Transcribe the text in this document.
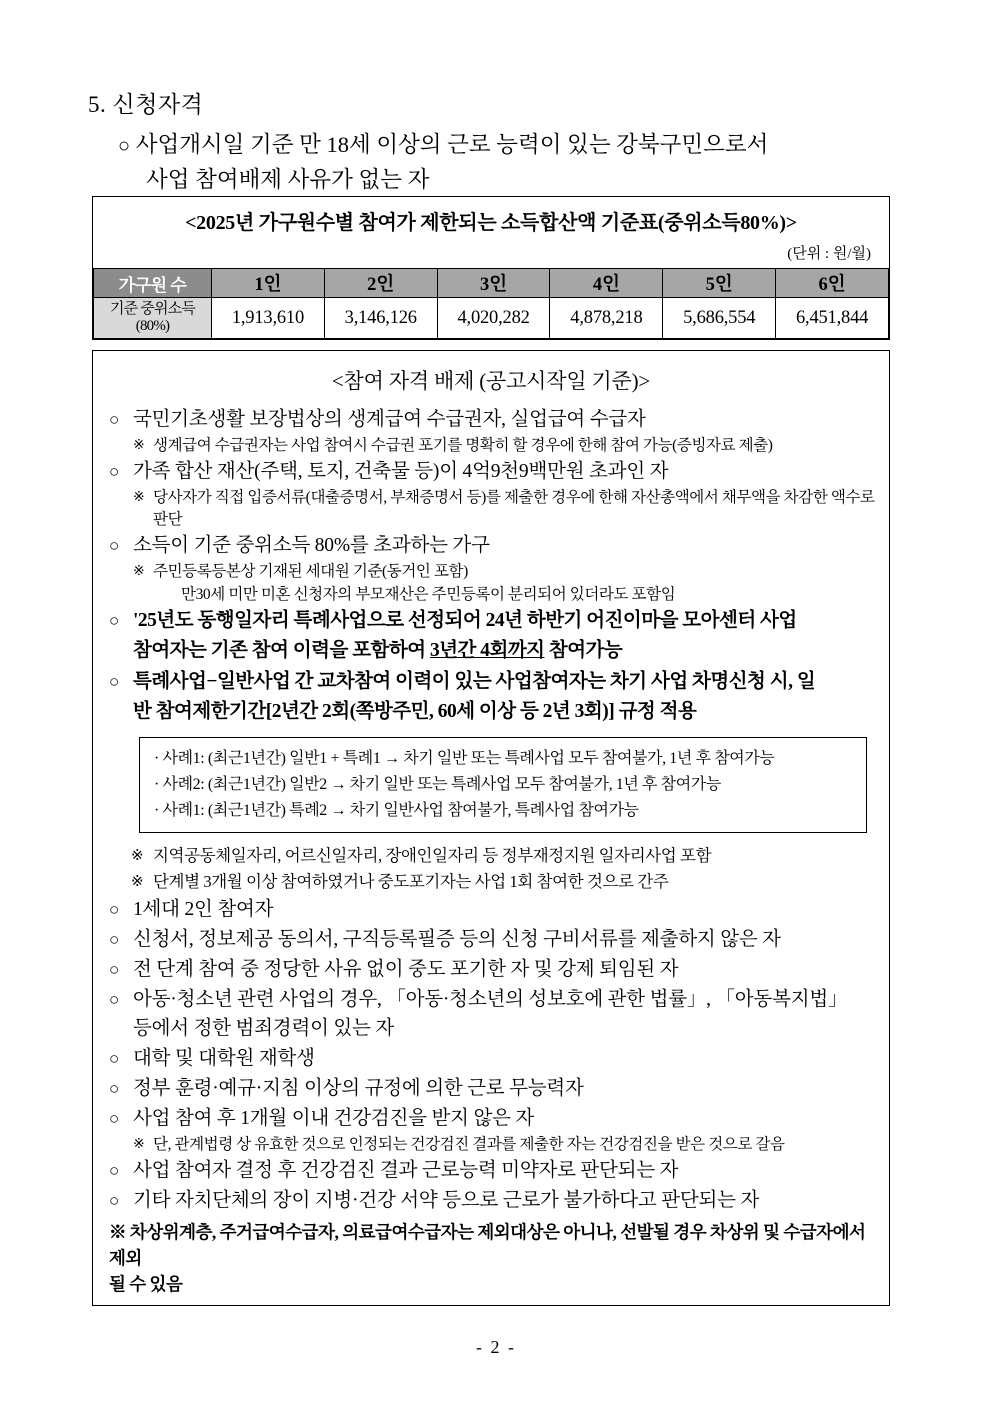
5. 신청자격
○ 사업개시일 기준 만 18세 이상의 근로 능력이 있는 강북구민으로서
사업 참여배제 사유가 없는 자
<2025년 가구원수별 참여가 제한되는 소득합산액 기준표(중위소득80%)>
(단위 : 원/월)
가구원 수	1인	2인	3인	4인	5인	6인

기준 중위소득
(80%)	1,913,610	3,146,126	4,020,282	4,878,218	5,686,554	6,451,844
<참여 자격 배제 (공고시작일 기준)>
○ 국민기초생활 보장법상의 생계급여 수급권자, 실업급여 수급자
※ 생계급여 수급권자는 사업 참여시 수급권 포기를 명확히 할 경우에 한해 참여 가능(증빙자료 제출)
○ 가족 합산 재산(주택, 토지, 건축물 등)이 4억9천9백만원 초과인 자
※ 당사자가 직접 입증서류(대출증명서, 부채증명서 등)를 제출한 경우에 한해 자산총액에서 채무액을 차감한 액수로
판단
○ 소득이 기준 중위소득 80%를 초과하는 가구
※ 주민등록등본상 기재된 세대원 기준(동거인 포함)
만30세 미만 미혼 신청자의 부모재산은 주민등록이 분리되어 있더라도 포함임
○ '25년도 동행일자리 특례사업으로 선정되어 24년 하반기 어진이마을 모아센터 사업
참여자는 기존 참여 이력을 포함하여 3년간 4회까지 참여가능
○ 특례사업−일반사업 간 교차참여 이력이 있는 사업참여자는 차기 사업 차명신청 시, 일
반 참여제한기간[2년간 2회(쪽방주민, 60세 이상 등 2년 3회)] 규정 적용
· 사례1: (최근1년간) 일반1 + 특례1 → 차기 일반 또는 특례사업 모두 참여불가, 1년 후 참여가능
· 사례2: (최근1년간) 일반2 → 차기 일반 또는 특례사업 모두 참여불가, 1년 후 참여가능
· 사례1: (최근1년간) 특례2 → 차기 일반사업 참여불가, 특례사업 참여가능
※ 지역공동체일자리, 어르신일자리, 장애인일자리 등 정부재정지원 일자리사업 포함
※ 단계별 3개월 이상 참여하였거나 중도포기자는 사업 1회 참여한 것으로 간주
○ 1세대 2인 참여자
○ 신청서, 정보제공 동의서, 구직등록필증 등의 신청 구비서류를 제출하지 않은 자
○ 전 단계 참여 중 정당한 사유 없이 중도 포기한 자 및 강제 퇴임된 자
○ 아동·청소년 관련 사업의 경우, 「아동·청소년의 성보호에 관한 법률」, 「아동복지법」
등에서 정한 범죄경력이 있는 자
○ 대학 및 대학원 재학생
○ 정부 훈령·예규·지침 이상의 규정에 의한 근로 무능력자
○ 사업 참여 후 1개월 이내 건강검진을 받지 않은 자
※ 단, 관계법령 상 유효한 것으로 인정되는 건강검진 결과를 제출한 자는 건강검진을 받은 것으로 갈음
○ 사업 참여자 결정 후 건강검진 결과 근로능력 미약자로 판단되는 자
○ 기타 자치단체의 장이 지병·건강 서약 등으로 근로가 불가하다고 판단되는 자
※ 차상위계층, 주거급여수급자, 의료급여수급자는 제외대상은 아니나, 선발될 경우 차상위 및 수급자에서 제외
될 수 있음
- 2 -
